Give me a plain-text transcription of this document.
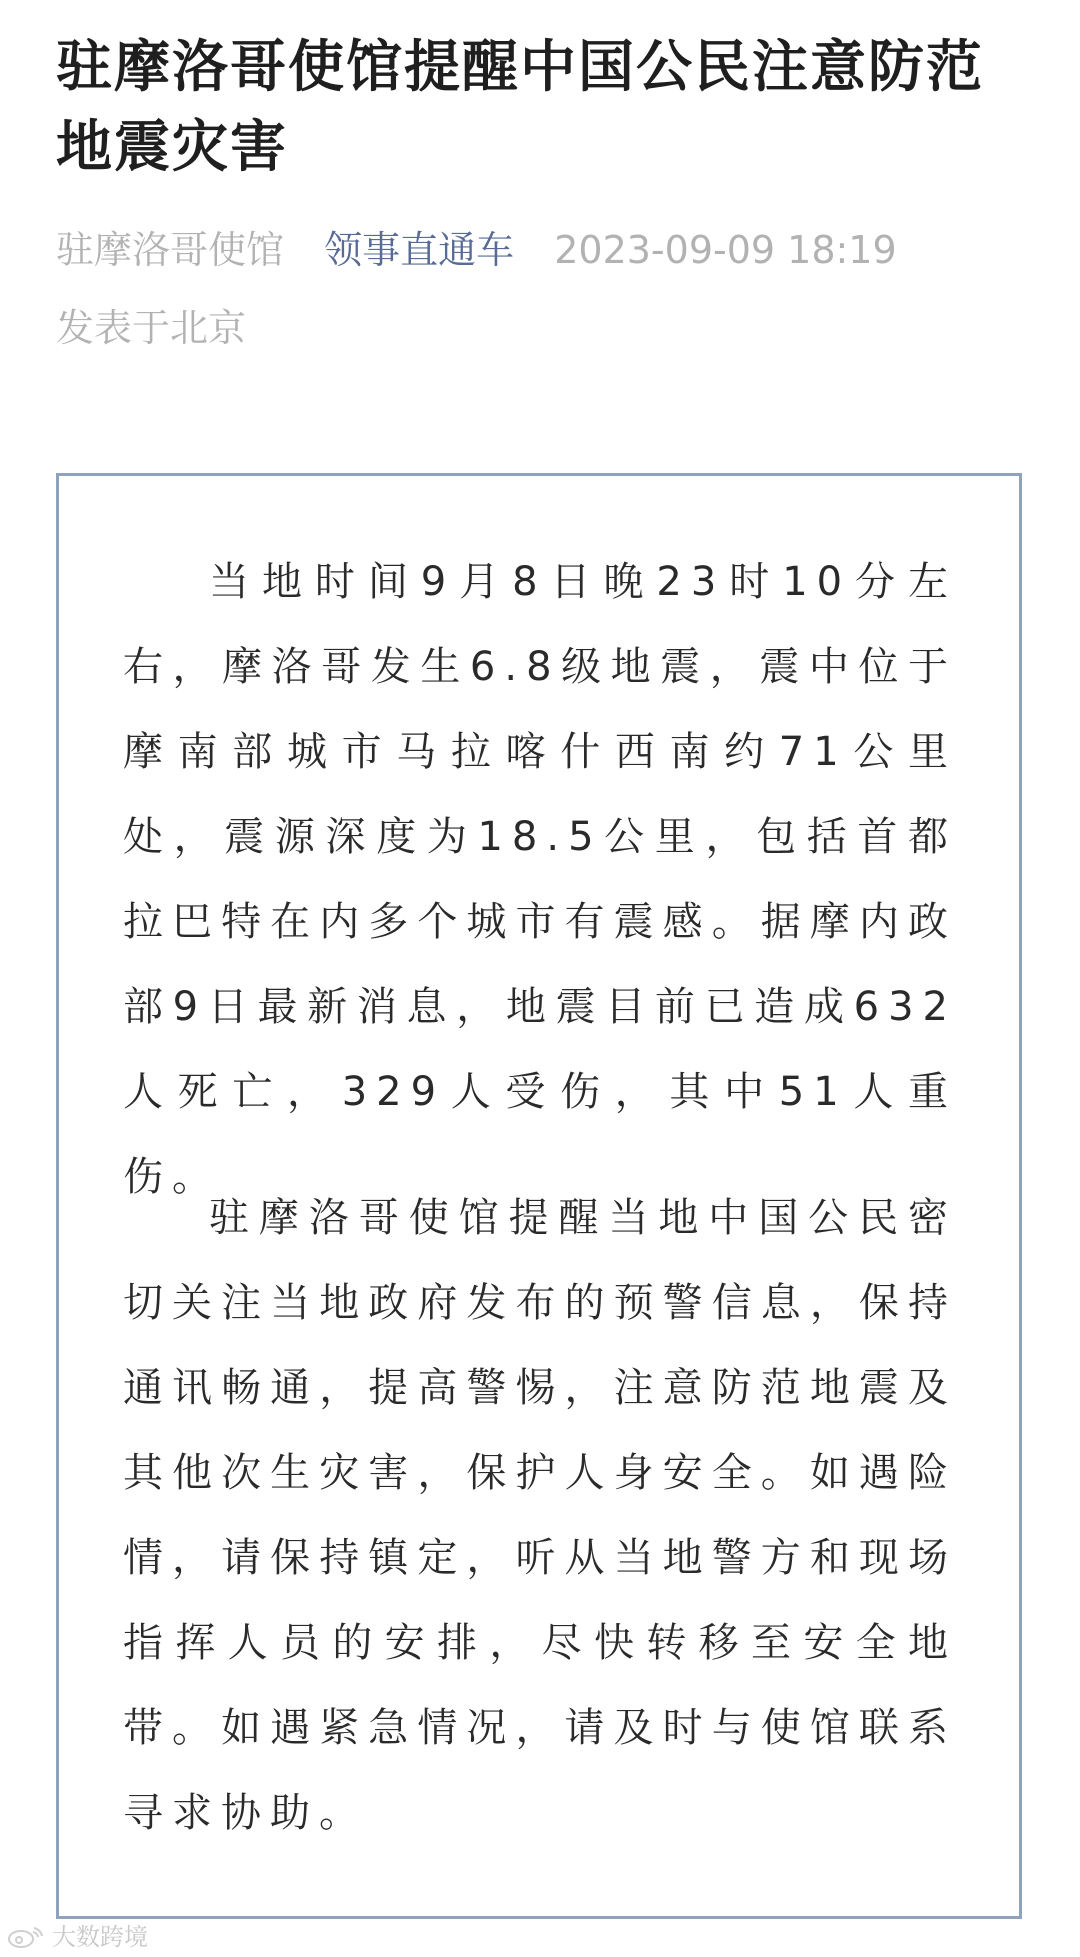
驻摩洛哥使馆提醒中国公民注意防范地震灾害
驻摩洛哥使馆 领事直通车 2023-09-09 18:19
发表于北京

当地时间9月8日晚23时10分左右，摩洛哥发生6.8级地震，震中位于摩南部城市马拉喀什西南约71公里处，震源深度为18.5公里，包括首都拉巴特在内多个城市有震感。据摩内政部9日最新消息，地震目前已造成632人死亡，329人受伤，其中51人重伤。

驻摩洛哥使馆提醒当地中国公民密切关注当地政府发布的预警信息，保持通讯畅通，提高警惕，注意防范地震及其他次生灾害，保护人身安全。如遇险情，请保持镇定，听从当地警方和现场指挥人员的安排，尽快转移至安全地带。如遇紧急情况，请及时与使馆联系寻求协助。

大数跨境
